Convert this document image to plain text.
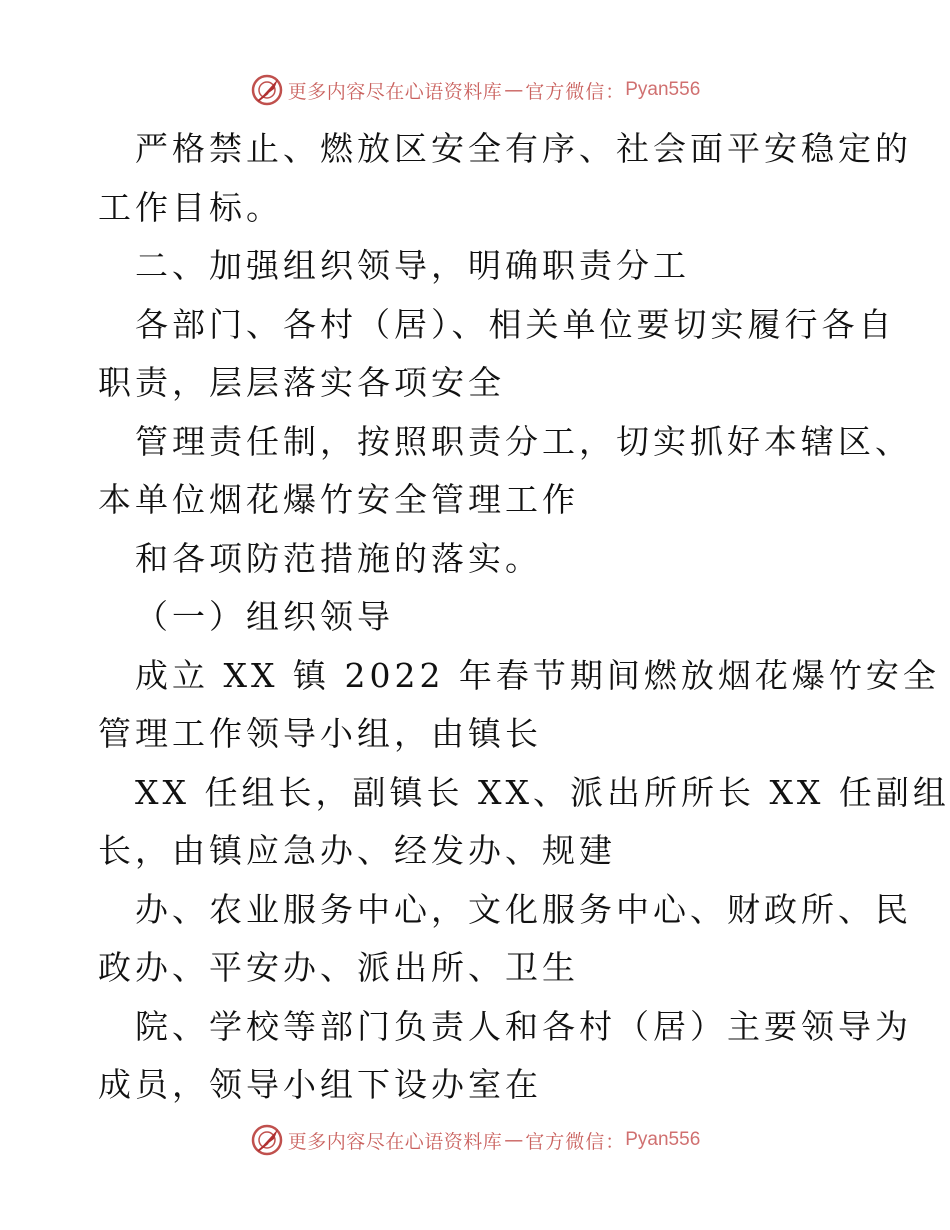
更多内容尽在心语资料库 — 官方微信： Pyan556
严格禁止、燃放区安全有序、社会面平安稳定的
工作目标。
二、加强组织领导，明确职责分工
各部门、各村（居）、相关单位要切实履行各自
职责，层层落实各项安全
管理责任制，按照职责分工，切实抓好本辖区、
本单位烟花爆竹安全管理工作
和各项防范措施的落实。
（一）组织领导
成立 XX 镇 2022 年春节期间燃放烟花爆竹安全
管理工作领导小组，由镇长
XX 任组长，副镇长 XX、派出所所长 XX 任副组
长，由镇应急办、经发办、规建
办、农业服务中心，文化服务中心、财政所、民
政办、平安办、派出所、卫生
院、学校等部门负责人和各村（居）主要领导为
成员，领导小组下设办室在
更多内容尽在心语资料库 — 官方微信： Pyan556
